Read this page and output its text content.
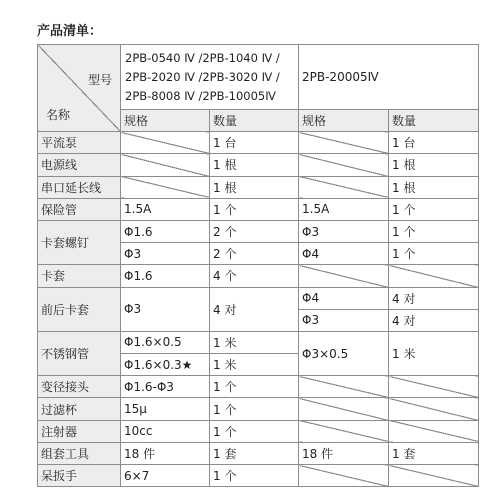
产品清单：
型号
名称	2PB-0540 Ⅳ /2PB-1040 Ⅳ /
2PB-2020 Ⅳ /2PB-3020 Ⅳ /
2PB-8008 Ⅳ /2PB-10005Ⅳ		2PB-20005Ⅳ	
	规格	数量	规格	数量
平流泵		1 台		1 台
电源线		1 根		1 根
串口延长线		1 根		1 根
保险管	1.5A	1 个	1.5A	1 个
卡套螺钉	Φ1.6	2 个	Φ3	1 个
	Φ3	2 个	Φ4	1 个
卡套	Φ1.6	4 个		
前后卡套	Φ3	4 对	Φ4	4 对
			Φ3	4 对
不锈钢管	Φ1.6×0.5	1 米	Φ3×0.5	1 米
	Φ1.6×0.3★	1 米		
变径接头	Φ1.6-Φ3	1 个		
过滤杯	15μ	1 个		
注射器	10cc	1 个		
组套工具	18 件	1 套	18 件	1 套
呆扳手	6×7	1 个		
